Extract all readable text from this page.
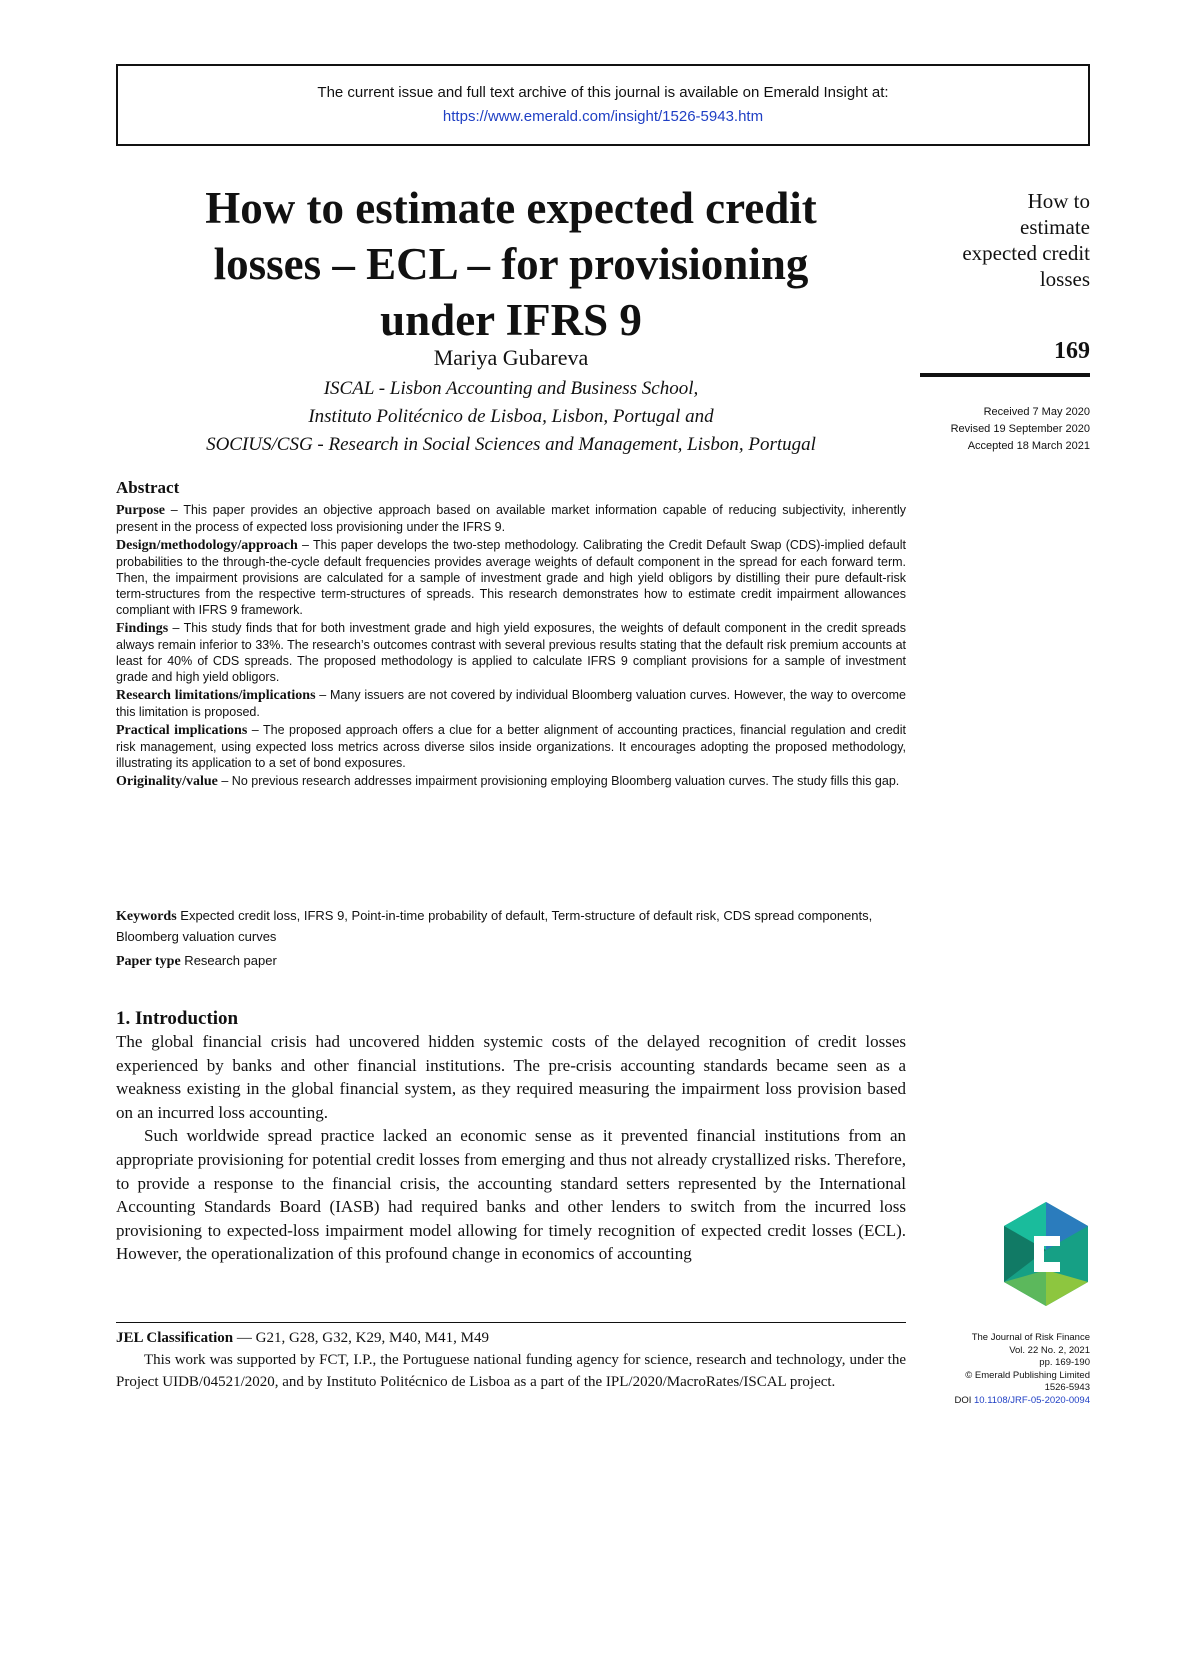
The current issue and full text archive of this journal is available on Emerald Insight at:
https://www.emerald.com/insight/1526-5943.htm
How to estimate expected credit
losses – ECL – for provisioning
under IFRS 9
Mariya Gubareva
ISCAL - Lisbon Accounting and Business School,
Instituto Politécnico de Lisboa, Lisbon, Portugal and
SOCIUS/CSG - Research in Social Sciences and Management, Lisbon, Portugal
How to
estimate
expected credit
losses
169
Received 7 May 2020
Revised 19 September 2020
Accepted 18 March 2021
Abstract

Purpose – This paper provides an objective approach based on available market information capable of reducing subjectivity, inherently present in the process of expected loss provisioning under the IFRS 9.

Design/methodology/approach – This paper develops the two-step methodology. Calibrating the Credit Default Swap (CDS)-implied default probabilities to the through-the-cycle default frequencies provides average weights of default component in the spread for each forward term. Then, the impairment provisions are calculated for a sample of investment grade and high yield obligors by distilling their pure default-risk term-structures from the respective term-structures of spreads. This research demonstrates how to estimate credit impairment allowances compliant with IFRS 9 framework.

Findings – This study finds that for both investment grade and high yield exposures, the weights of default component in the credit spreads always remain inferior to 33%. The research’s outcomes contrast with several previous results stating that the default risk premium accounts at least for 40% of CDS spreads. The proposed methodology is applied to calculate IFRS 9 compliant provisions for a sample of investment grade and high yield obligors.

Research limitations/implications – Many issuers are not covered by individual Bloomberg valuation curves. However, the way to overcome this limitation is proposed.

Practical implications – The proposed approach offers a clue for a better alignment of accounting practices, financial regulation and credit risk management, using expected loss metrics across diverse silos inside organizations. It encourages adopting the proposed methodology, illustrating its application to a set of bond exposures.

Originality/value – No previous research addresses impairment provisioning employing Bloomberg valuation curves. The study fills this gap.

Keywords Expected credit loss, IFRS 9, Point-in-time probability of default, Term-structure of default risk, CDS spread components, Bloomberg valuation curves

Paper type Research paper

1. Introduction

The global financial crisis had uncovered hidden systemic costs of the delayed recognition of credit losses experienced by banks and other financial institutions. The pre-crisis accounting standards became seen as a weakness existing in the global financial system, as they required measuring the impairment loss provision based on an incurred loss accounting.

Such worldwide spread practice lacked an economic sense as it prevented financial institutions from an appropriate provisioning for potential credit losses from emerging and thus not already crystallized risks. Therefore, to provide a response to the financial crisis, the accounting standard setters represented by the International Accounting Standards Board (IASB) had required banks and other lenders to switch from the incurred loss provisioning to expected-loss impairment model allowing for timely recognition of expected credit losses (ECL). However, the operationalization of this profound change in economics of accounting

JEL Classification — G21, G28, G32, K29, M40, M41, M49

This work was supported by FCT, I.P., the Portuguese national funding agency for science, research and technology, under the Project UIDB/04521/2020, and by Instituto Politécnico de Lisboa as a part of the IPL/2020/MacroRates/ISCAL project.

The Journal of Risk Finance
Vol. 22 No. 2, 2021
pp. 169-190
© Emerald Publishing Limited
1526-5943
DOI 10.1108/JRF-05-2020-0094
